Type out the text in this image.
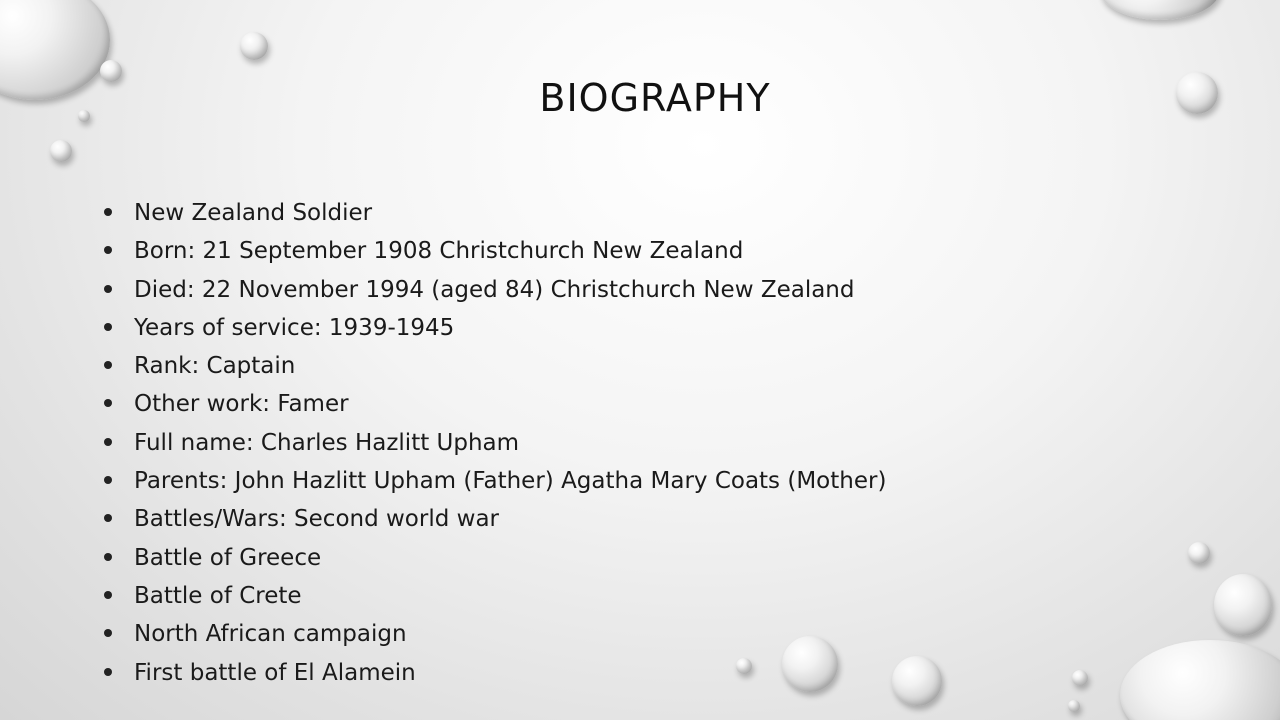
BIOGRAPHY
New Zealand Soldier
Born: 21 September 1908 Christchurch New Zealand
Died: 22 November 1994 (aged 84) Christchurch New Zealand
Years of service: 1939-1945
Rank: Captain
Other work: Famer
Full name: Charles Hazlitt Upham
Parents: John Hazlitt Upham (Father) Agatha Mary Coats (Mother)
Battles/Wars: Second world war
Battle of Greece
Battle of Crete
North African campaign
First battle of El Alamein
